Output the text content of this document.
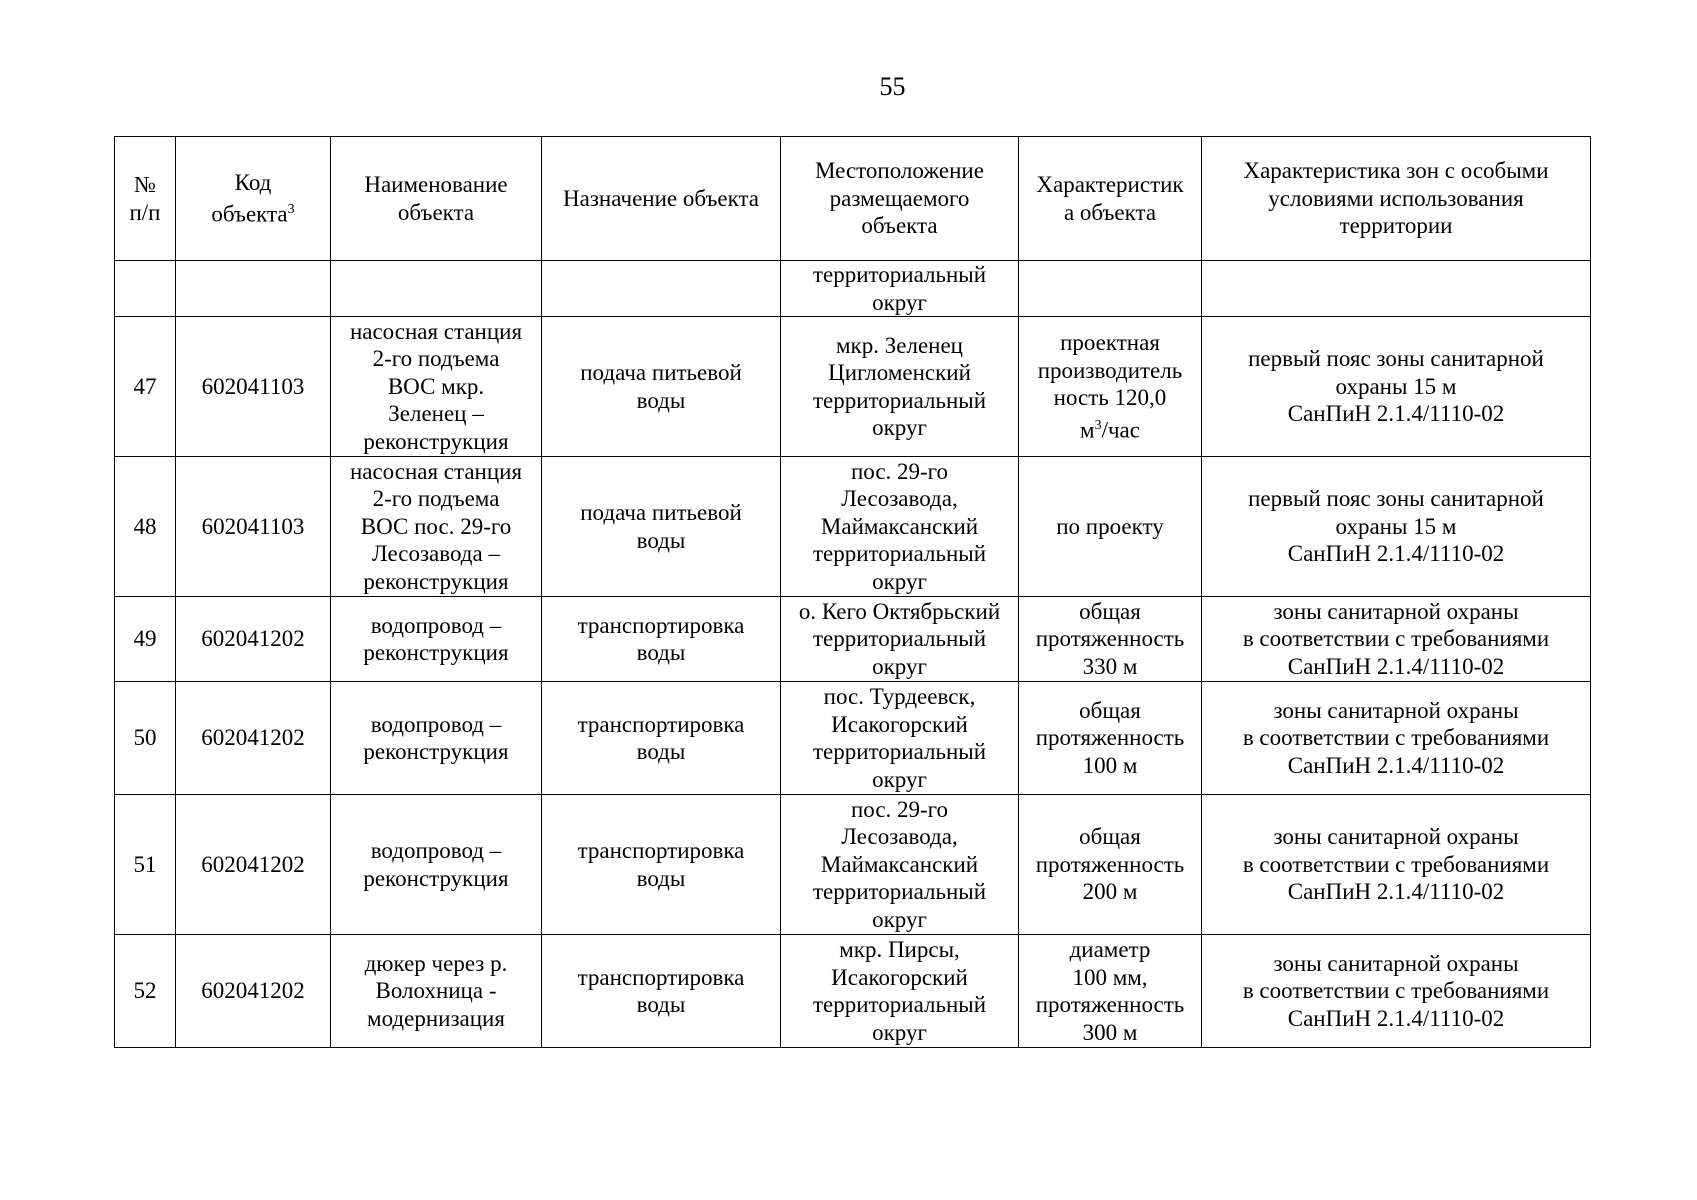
55
№
п/п	Код
объекта$^3$	Наименование
объекта	Назначение объекта	Местоположение
размещаемого
объекта	Характеристик
а объекта	Характеристика зон с особыми
условиями использования
территории
				территориальный
округ		
47	602041103	насосная станция
2-го подъема
ВОС мкр.
Зеленец –
реконструкция	подача питьевой
воды	мкр. Зеленец
Цигломенский
территориальный
округ	проектная
производитель
ность 120,0
$м^3$/час	первый пояс зоны санитарной
охраны 15 м
СанПиН 2.1.4/1110-02
48	602041103	насосная станция
2-го подъема
ВОС пос. 29-го
Лесозавода –
реконструкция	подача питьевой
воды	пос. 29-го
Лесозавода,
Маймаксанский
территориальный
округ	по проекту	первый пояс зоны санитарной
охраны 15 м
СанПиН 2.1.4/1110-02
49	602041202	водопровод –
реконструкция	транспортировка
воды	о. Кего Октябрьский
территориальный
округ	общая
протяженность
330 м	зоны санитарной охраны
в соответствии с требованиями
СанПиН 2.1.4/1110-02
50	602041202	водопровод –
реконструкция	транспортировка
воды	пос. Турдеевск,
Исакогорский
территориальный
округ	общая
протяженность
100 м	зоны санитарной охраны
в соответствии с требованиями
СанПиН 2.1.4/1110-02
51	602041202	водопровод –
реконструкция	транспортировка
воды	пос. 29-го
Лесозавода,
Маймаксанский
территориальный
округ	общая
протяженность
200 м	зоны санитарной охраны
в соответствии с требованиями
СанПиН 2.1.4/1110-02
52	602041202	дюкер через р.
Волохница -
модернизация	транспортировка
воды	мкр. Пирсы,
Исакогорский
территориальный
округ	диаметр
100 мм,
протяженность
300 м	зоны санитарной охраны
в соответствии с требованиями
СанПиН 2.1.4/1110-02
